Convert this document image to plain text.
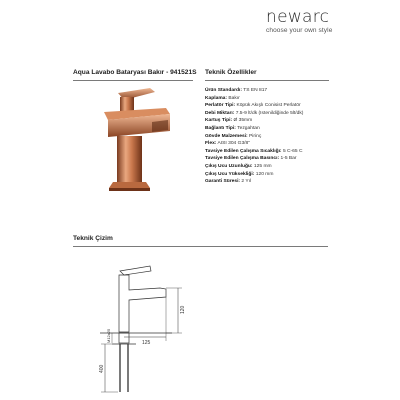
newarc
choose your own style
Aqua Lavabo Bataryası Bakır - 941521S Teknik Özellikler
Ürün Standardı: TS EN 817
Kaplama: Bakır
Perlatör Tipi: Köpük Akışlı Conisist Perlatör
Debi Miktarı: 7.5-9 lt/dk (Istenildiğinde 5lt/dk)
Kartuş Tipi: Ø 35mm
Bağlantı Tipi: Tezgahtan
Gövde Malzemesi: Pirinç
Flex: AISI 304 G3/8"
Tavsiye Edilen Çalışma Sıcaklığı: 5 C-65 C
Tavsiye Edilen Çalışma Basıncı: 1-5 Bar
Çıkış Ucu Uzunluğu: 125 mm
Çıkış Ucu Yüksekliği: 120 mm
Garanti Süresi: 2 Yıl
Teknik Çizim
120
125
M12x25
400
